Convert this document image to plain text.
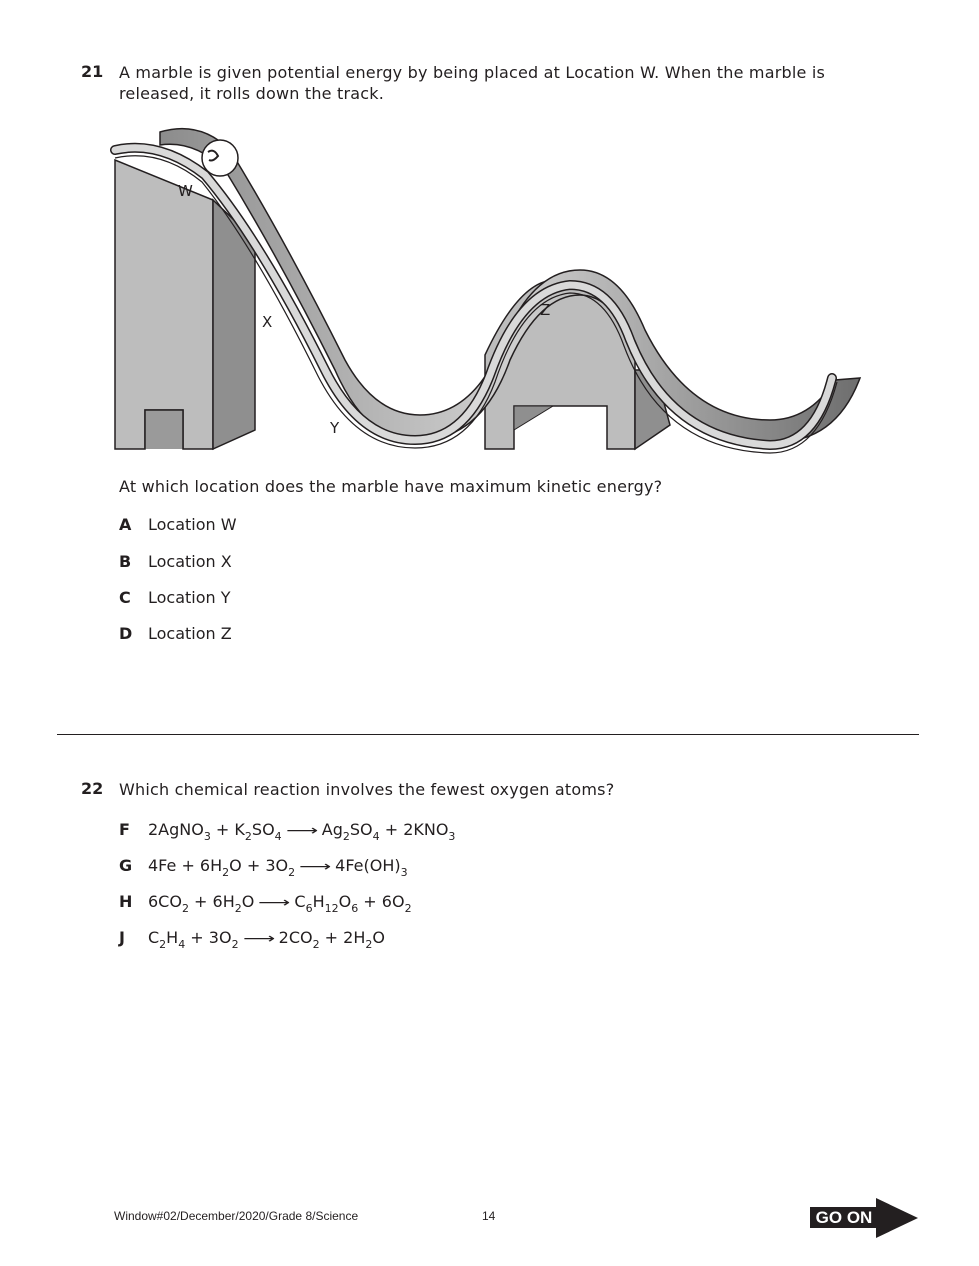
21 A marble is given potential energy by being placed at Location W. When the marble is released, it rolls down the track.
W
X
Y
Z
At which location does the marble have maximum kinetic energy?
A	Location W
B	Location X
C	Location Y
D Location Z
22 Which chemical reaction involves the fewest oxygen atoms?
F	2AgNO$_3$ + $K_2SO_4$ ⟶ $Ag_2SO_4 + 2KNO_3$
G $4Fe + 6H_2O + 3O_2$ ⟶ $4Fe(OH)_3$
H $6CO_2 + 6H_2O$ ⟶ $C_6H_{12}O_6 + 6O_2$
J	$C_2H_4 + 3O_2$ ⟶ $2CO_2 + 2H_2O$
Window#02/December/2020/Grade 8/Science	14	GO ON
